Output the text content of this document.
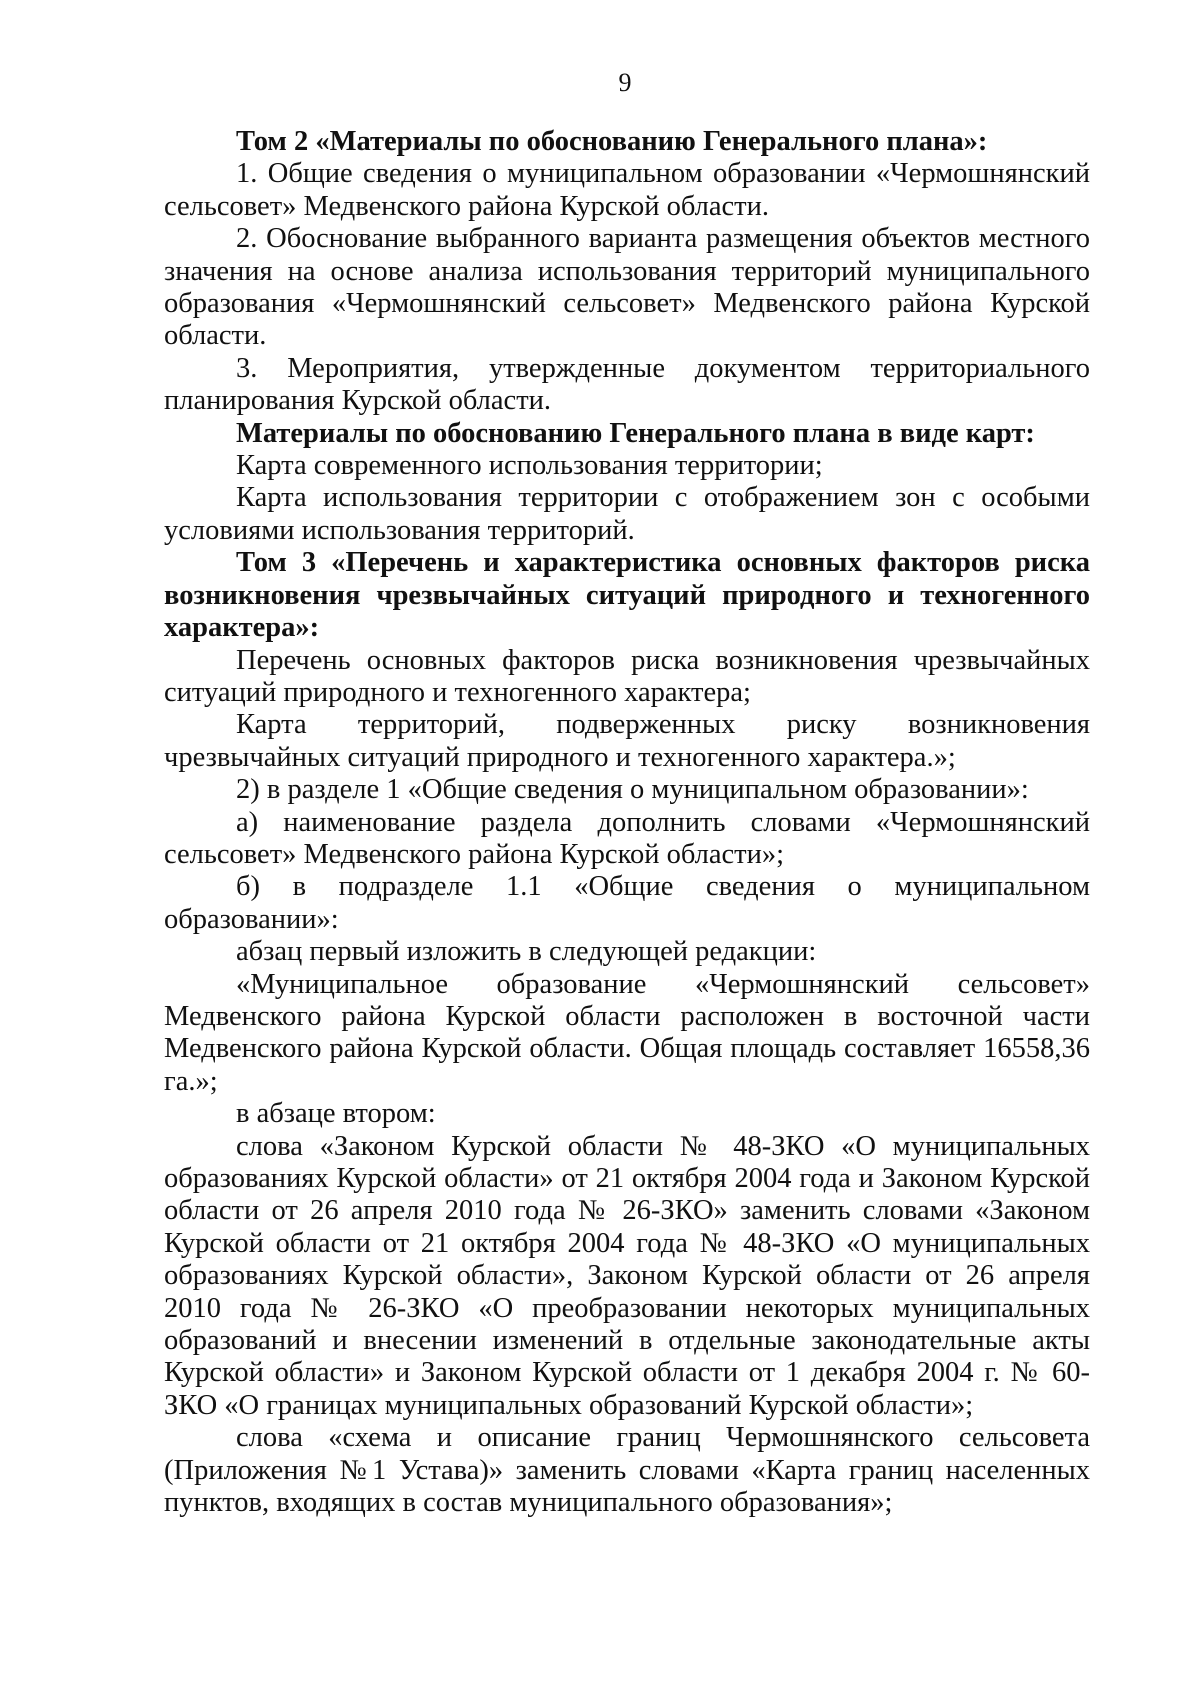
9

Том 2 «Материалы по обоснованию Генерального плана»:

1. Общие сведения о муниципальном образовании «Чермошнянский сельсовет» Медвенского района Курской области.

2. Обоснование выбранного варианта размещения объектов местного значения на основе анализа использования территорий муниципального образования «Чермошнянский сельсовет» Медвенского района Курской области.

3. Мероприятия, утвержденные документом территориального планирования Курской области.

Материалы по обоснованию Генерального плана в виде карт:

Карта современного использования территории;

Карта использования территории с отображением зон с особыми условиями использования территорий.

Том 3 «Перечень и характеристика основных факторов риска возникновения чрезвычайных ситуаций природного и техногенного характера»:

Перечень основных факторов риска возникновения чрезвычайных ситуаций природного и техногенного характера;

Карта территорий, подверженных риску возникновения чрезвычайных ситуаций природного и техногенного характера.»;

2) в разделе 1 «Общие сведения о муниципальном образовании»:

а) наименование раздела дополнить словами «Чермошнянский сельсовет» Медвенского района Курской области»;

б) в подразделе 1.1 «Общие сведения о муниципальном образовании»:

абзац первый изложить в следующей редакции:

«Муниципальное образование «Чермошнянский сельсовет» Медвенского района Курской области расположен в восточной части Медвенского района Курской области. Общая площадь составляет 16558,36 га.»;

в абзаце втором:

слова «Законом Курской области № 48-ЗКО «О муниципальных образованиях Курской области» от 21 октября 2004 года и Законом Курской области от 26 апреля 2010 года № 26-ЗКО» заменить словами «Законом Курской области от 21 октября 2004 года № 48-ЗКО «О муниципальных образованиях Курской области», Законом Курской области от 26 апреля 2010 года № 26-ЗКО «О преобразовании некоторых муниципальных образований и внесении изменений в отдельные законодательные акты Курской области» и Законом Курской области от 1 декабря 2004 г. № 60-ЗКО «О границах муниципальных образований Курской области»;

слова «схема и описание границ Чермошнянского сельсовета (Приложения №1 Устава)» заменить словами «Карта границ населенных пунктов, входящих в состав муниципального образования»;
